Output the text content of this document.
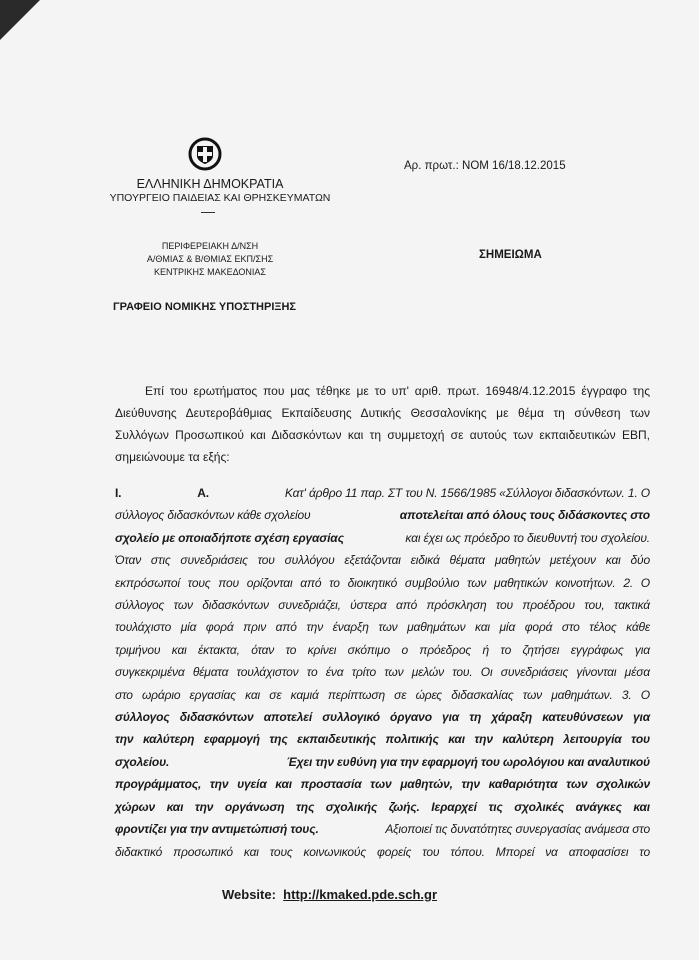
ΕΛΛΗΝΙΚΗ ΔΗΜΟΚΡΑΤΙΑ
ΥΠΟΥΡΓΕΙΟ ΠΑΙΔΕΙΑΣ ΚΑΙ ΘΡΗΣΚΕΥΜΑΤΩΝ
ΠΕΡΙΦΕΡΕΙΑΚΗ Δ/ΝΣΗ
Α/ΘΜΙΑΣ & Β/ΘΜΙΑΣ ΕΚΠ/ΣΗΣ
ΚΕΝΤΡΙΚΗΣ ΜΑΚΕΔΟΝΙΑΣ
ΓΡΑΦΕΙΟ ΝΟΜΙΚΗΣ ΥΠΟΣΤΗΡΙΞΗΣ
Αρ. πρωτ.: ΝΟΜ 16/18.12.2015
ΣΗΜΕΙΩΜΑ
Επί του ερωτήματος που μας τέθηκε με το υπ' αριθ. πρωτ. 16948/4.12.2015 έγγραφο της Διεύθυνσης Δευτεροβάθμιας Εκπαίδευσης Δυτικής Θεσσαλονίκης με θέμα τη σύνθεση των Συλλόγων Προσωπικού και Διδασκόντων και τη συμμετοχή σε αυτούς των εκπαιδευτικών ΕΒΠ, σημειώνουμε τα εξής:
I.	A.	Κατ' άρθρο 11 παρ. ΣΤ του Ν. 1566/1985 «Σύλλογοι διδασκόντων. 1. Ο
σύλλογος διδασκόντων κάθε σχολείου	αποτελείται από όλους τους διδάσκοντες στο
σχολείο με οποιαδήποτε σχέση εργασίας	και έχει ως πρόεδρο το διευθυντή του σχολείου.
Όταν στις συνεδριάσεις του συλλόγου εξετάζονται ειδικά θέματα μαθητών μετέχουν και δύο
εκπρόσωποί τους που ορίζονται από το διοικητικό συμβούλιο των μαθητικών κοινοτήτων. 2. Ο
σύλλογος των διδασκόντων συνεδριάζει, ύστερα από πρόσκληση του προέδρου του, τακτικά
τουλάχιστο μία φορά πριν από την έναρξη των μαθημάτων και μία φορά στο τέλος κάθε
τριμήνου και έκτακτα, όταν το κρίνει σκόπιμο ο πρόεδρος ή το ζητήσει εγγράφως για
συγκεκριμένα θέματα τουλάχιστον το ένα τρίτο των μελών του. Οι συνεδριάσεις γίνονται μέσα
στο ωράριο εργασίας και σε καμιά περίπτωση σε ώρες διδασκαλίας των μαθημάτων. 3. Ο
σύλλογος διδασκόντων αποτελεί συλλογικό όργανο για τη χάραξη κατευθύνσεων για
την καλύτερη εφαρμογή της εκπαιδευτικής πολιτικής και την καλύτερη λειτουργία του
σχολείου.	Έχει την ευθύνη για την εφαρμογή του ωρολόγιου και αναλυτικού
προγράμματος, την υγεία και προστασία των μαθητών, την καθαριότητα των σχολικών
χώρων και την οργάνωση της σχολικής ζωής. Ιεραρχεί τις σχολικές ανάγκες και
φροντίζει για την αντιμετώπισή τους.	Αξιοποιεί τις δυνατότητες συνεργασίας ανάμεσα στο
διδακτικό προσωπικό και τους κοινωνικούς φορείς του τόπου. Μπορεί να αποφασίσει το
Website: http://kmaked.pde.sch.gr
